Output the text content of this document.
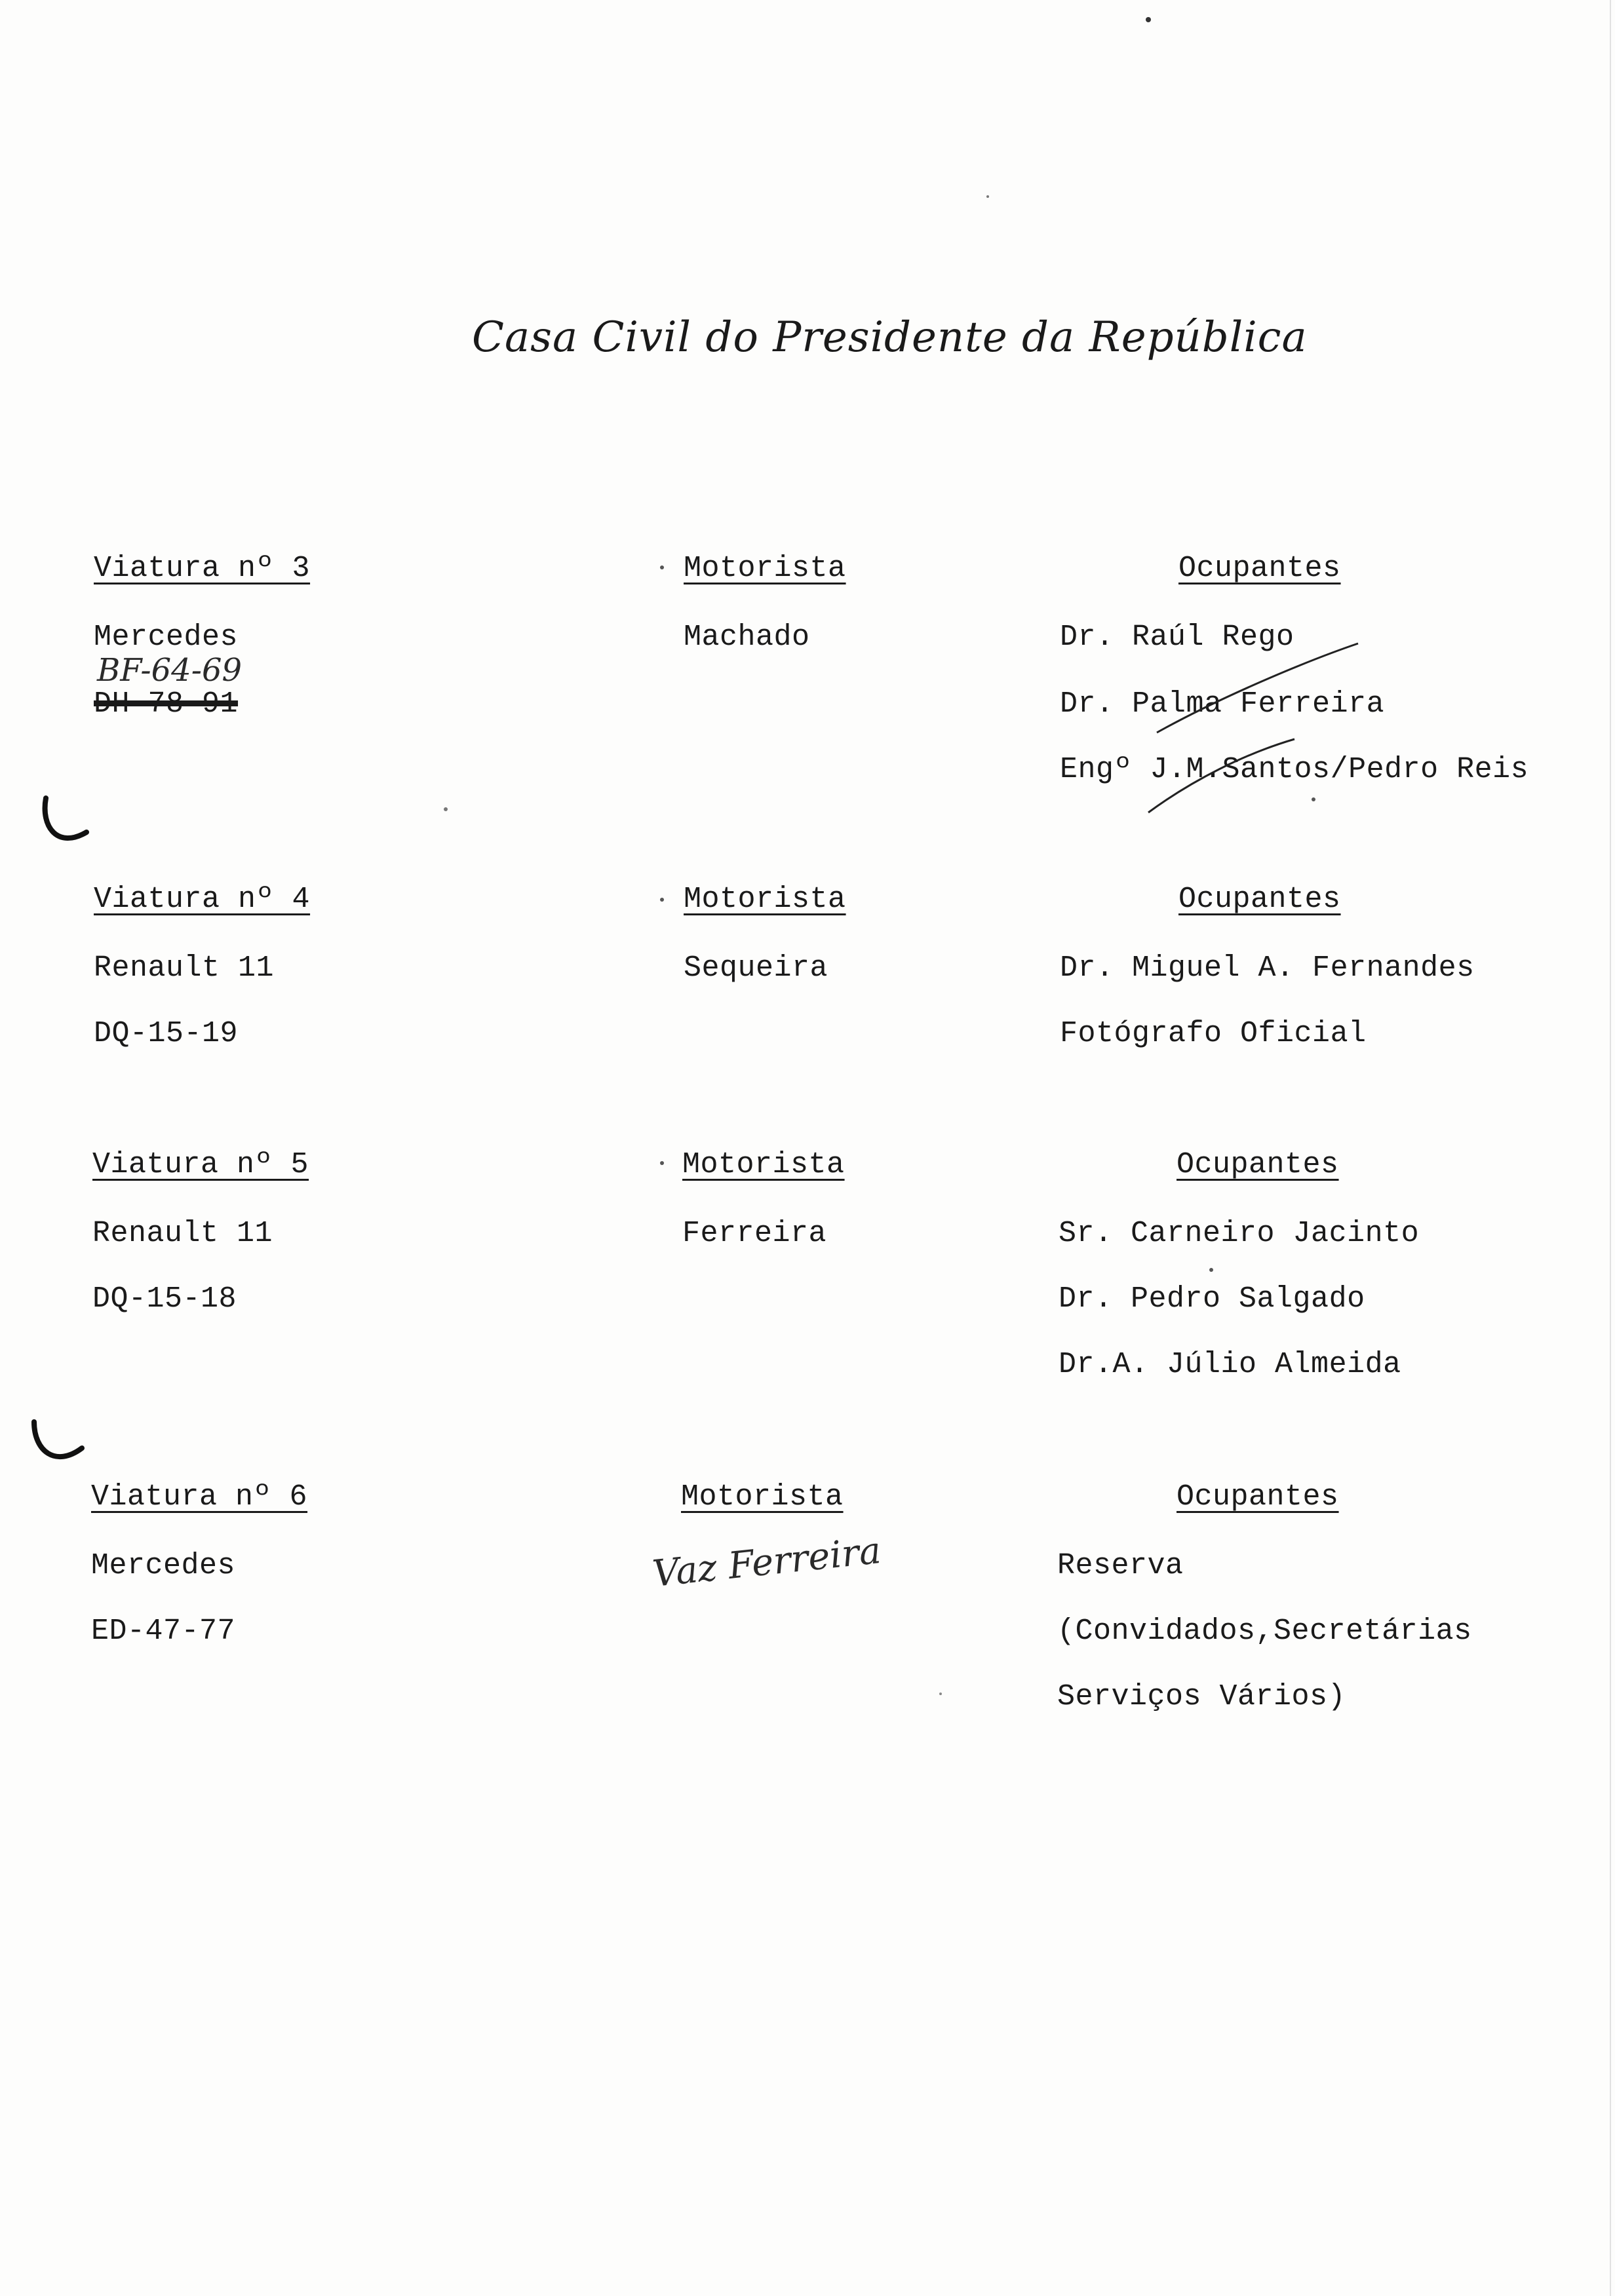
Casa Civil do Presidente da República
Viatura nº 3
Mercedes
BF-64-69
DH-78-91
Motorista
Machado
Ocupantes
Dr. Raúl Rego
Dr. Palma Ferreira
Engº J.M.Santos/Pedro Reis
Viatura nº 4
Renault 11
DQ-15-19
Motorista
Sequeira
Ocupantes
Dr. Miguel A. Fernandes
Fotógrafo Oficial
Viatura nº 5
Renault 11
DQ-15-18
Motorista
Ferreira
Ocupantes
Sr. Carneiro Jacinto
Dr. Pedro Salgado
Dr.A. Júlio Almeida
Viatura nº 6
Mercedes
ED-47-77
Motorista
Vaz Ferreira
Ocupantes
Reserva
(Convidados,Secretárias
Serviços Vários)
